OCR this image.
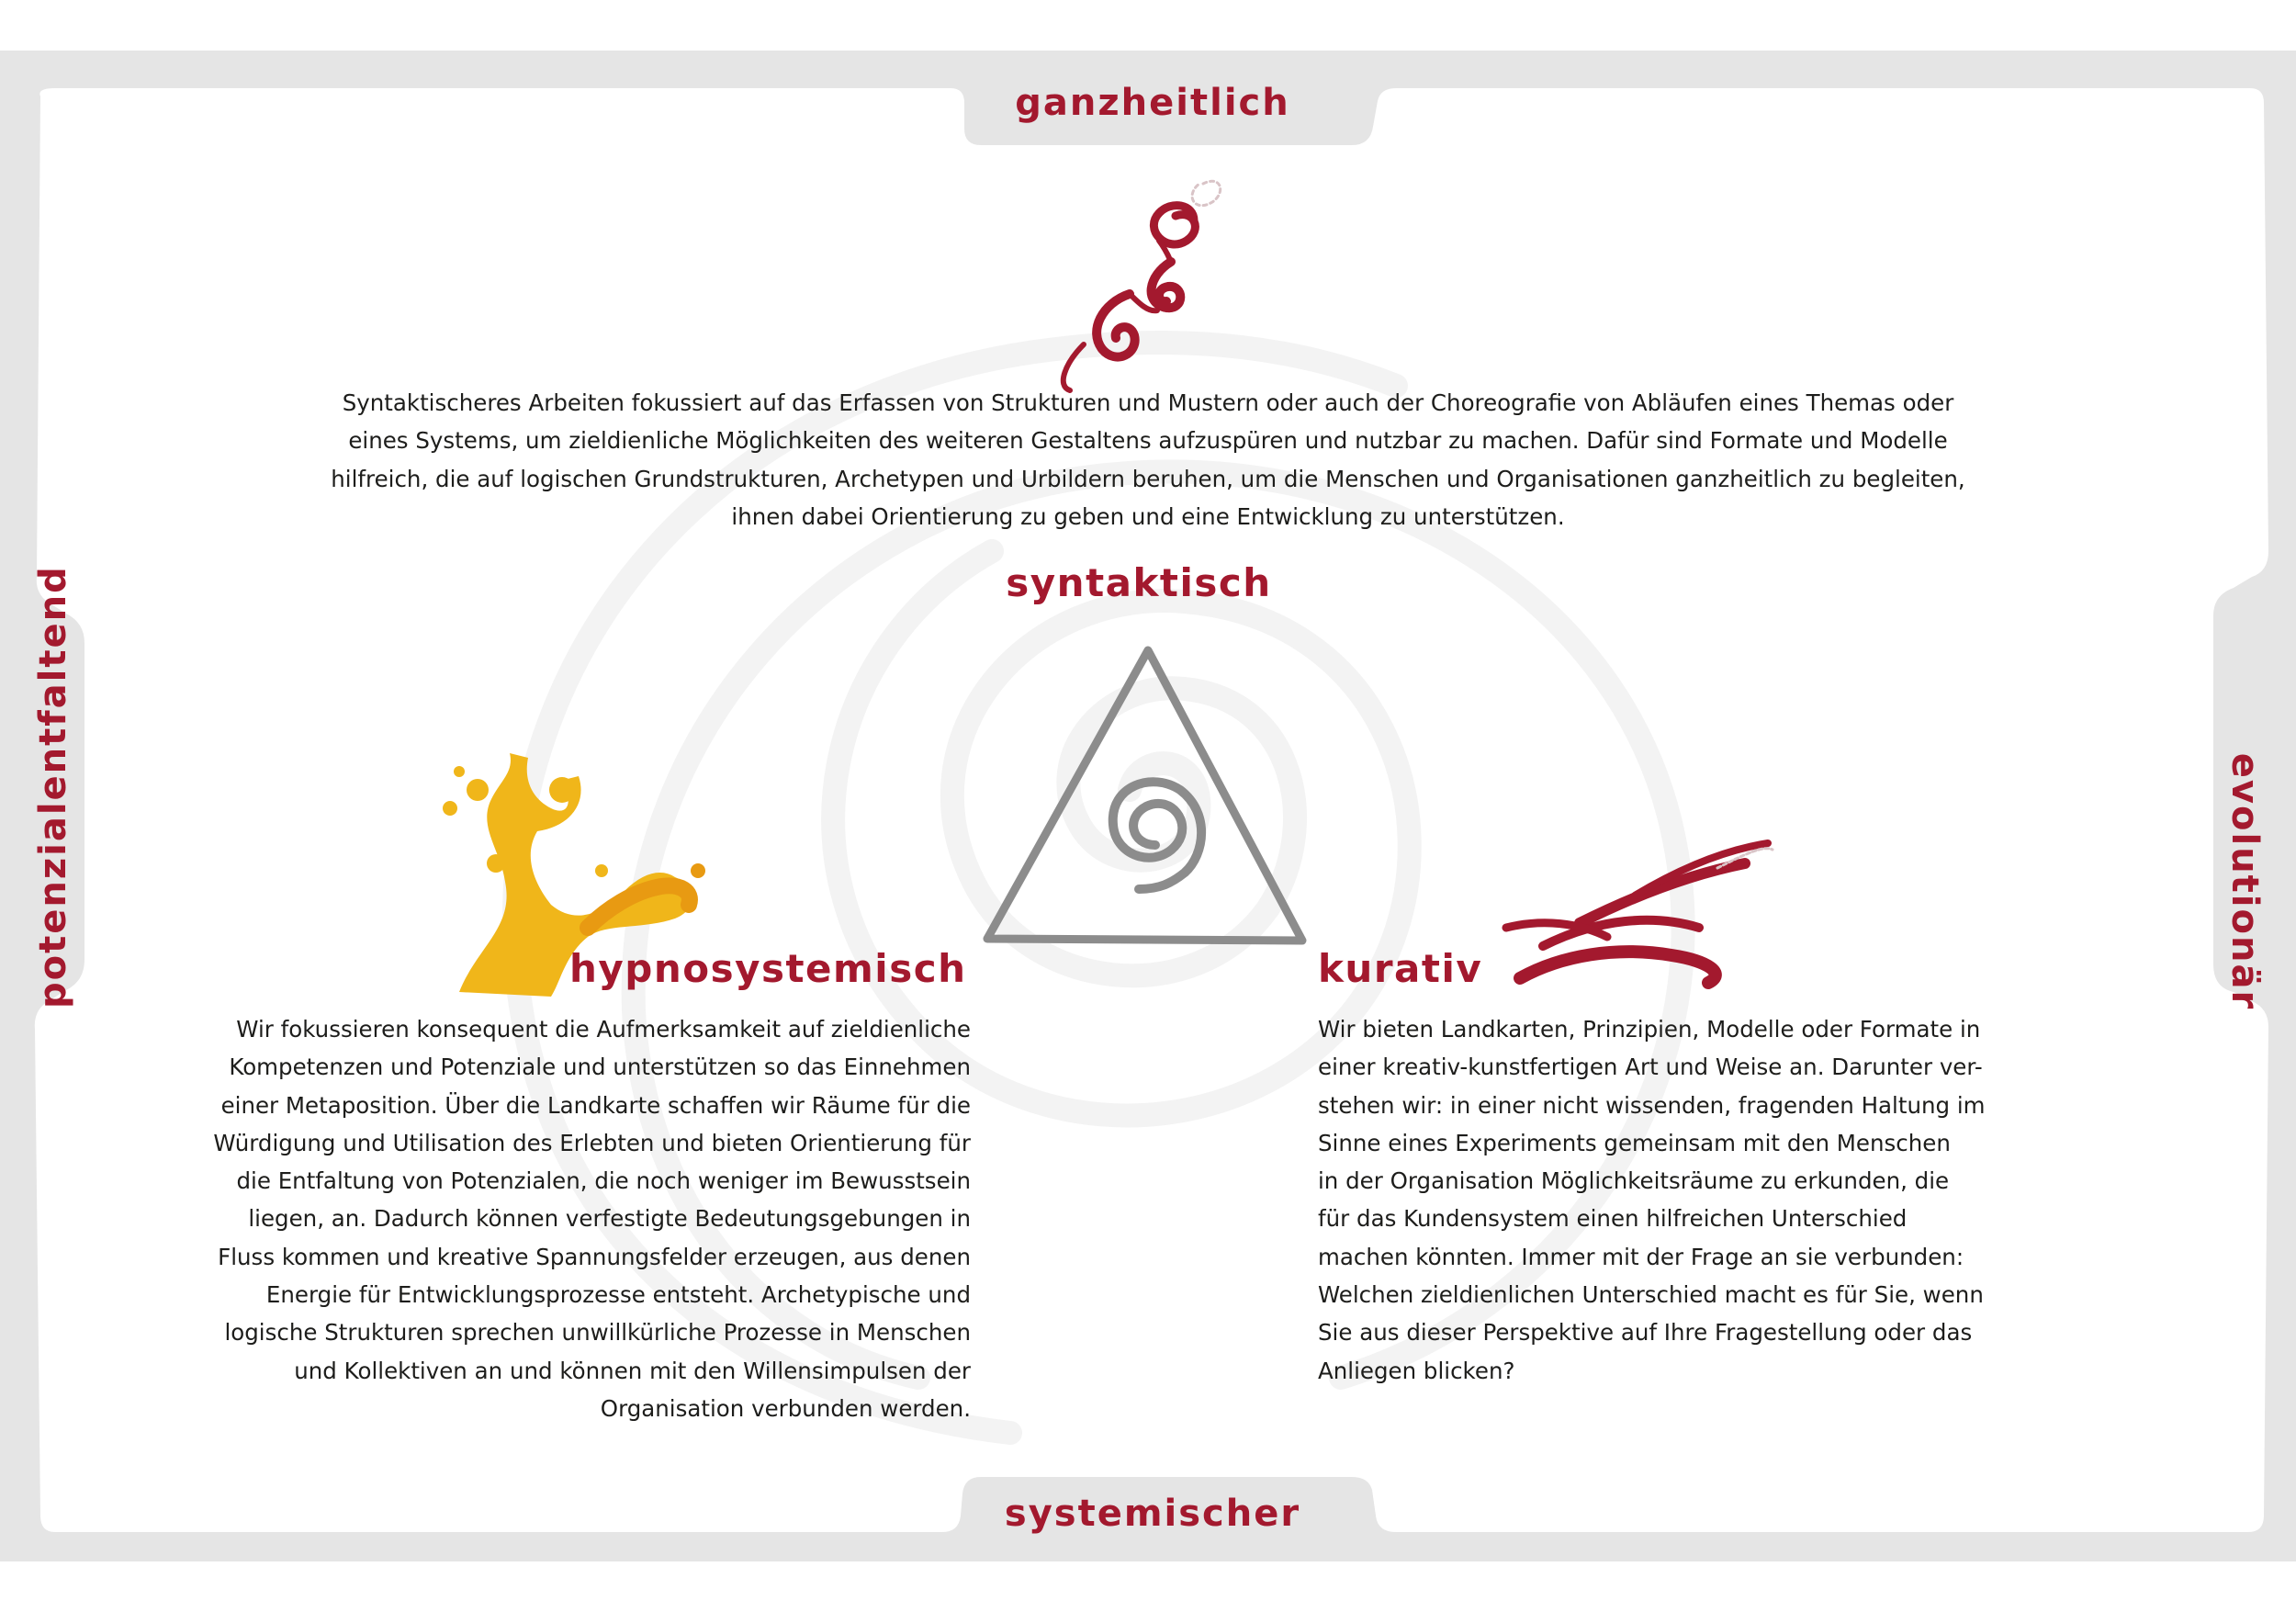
ganzheitlich
systemischer
potenzialentfaltend	evolutionär
Syntaktischeres Arbeiten fokussiert auf das Erfassen von Strukturen und Mustern oder auch der Choreografie von Abläufen eines Themas oder
eines Systems, um zieldienliche Möglichkeiten des weiteren Gestaltens aufzuspüren und nutzbar zu machen. Dafür sind Formate und Modelle
hilfreich, die auf logischen Grundstrukturen, Archetypen und Urbildern beruhen, um die Menschen und Organisationen ganzheitlich zu begleiten,
ihnen dabei Orientierung zu geben und eine Entwicklung zu unterstützen.
syntaktisch
hypnosystemisch	kurativ
Wir fokussieren konsequent die Aufmerksamkeit auf zieldienliche
Kompetenzen und Potenziale und unterstützen so das Einnehmen
einer Metaposition. Über die Landkarte schaffen wir Räume für die
Würdigung und Utilisation des Erlebten und bieten Orientierung für
die Entfaltung von Potenzialen, die noch weniger im Bewusstsein
liegen, an. Dadurch können verfestigte Bedeutungsgebungen in
Fluss kommen und kreative Spannungsfelder erzeugen, aus denen
Energie für Entwicklungsprozesse entsteht. Archetypische und
logische Strukturen sprechen unwillkürliche Prozesse in Menschen
und Kollektiven an und können mit den Willensimpulsen der
Organisation verbunden werden.
Wir bieten Landkarten, Prinzipien, Modelle oder Formate in
einer kreativ-kunstfertigen Art und Weise an. Darunter ver-
stehen wir: in einer nicht wissenden, fragenden Haltung im
Sinne eines Experiments gemeinsam mit den Menschen
in der Organisation Möglichkeitsräume zu erkunden, die
für das Kundensystem einen hilfreichen Unterschied
machen könnten. Immer mit der Frage an sie verbunden:
Welchen zieldienlichen Unterschied macht es für Sie, wenn
Sie aus dieser Perspektive auf Ihre Fragestellung oder das
Anliegen blicken?
